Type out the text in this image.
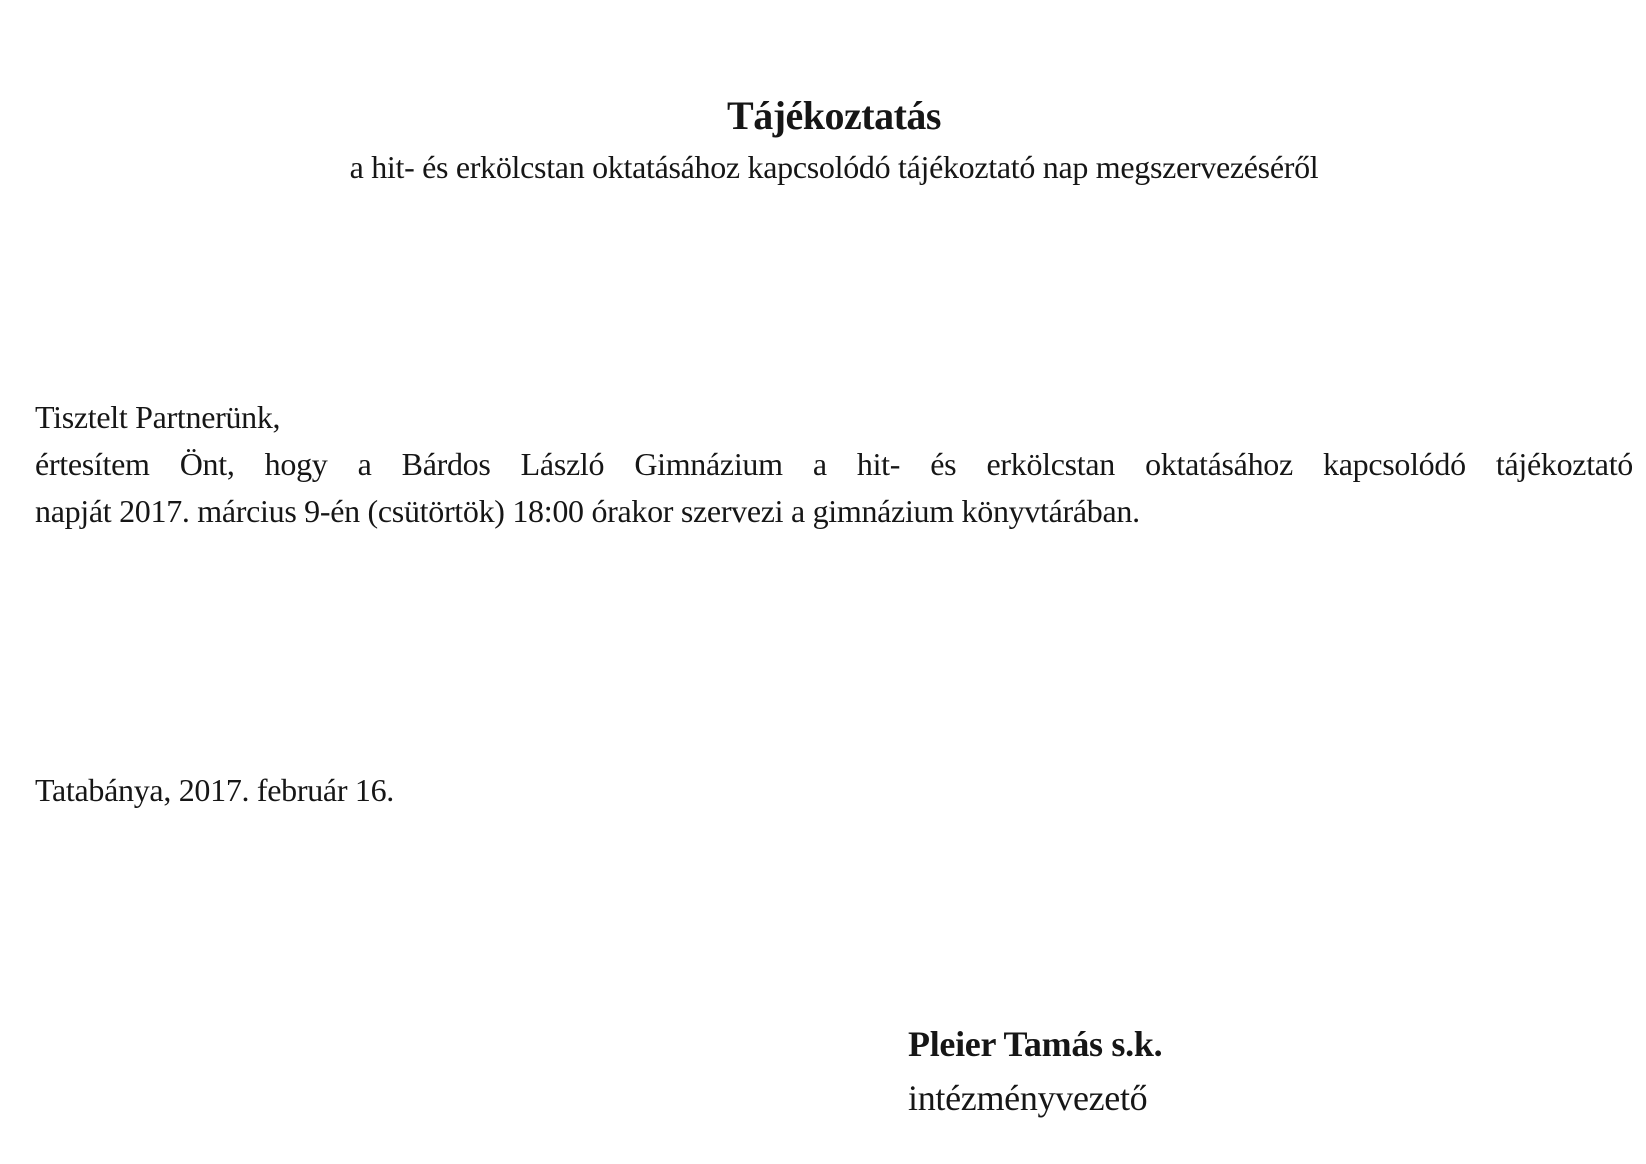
Tájékoztatás
a hit- és erkölcstan oktatásához kapcsolódó tájékoztató nap megszervezéséről
Tisztelt Partnerünk,
értesítem Önt, hogy a Bárdos László Gimnázium a hit- és erkölcstan oktatásához kapcsolódó tájékoztató
napját 2017. március 9-én (csütörtök) 18:00 órakor szervezi a gimnázium könyvtárában.
Tatabánya, 2017. február 16.
Pleier Tamás s.k.
intézményvezető
